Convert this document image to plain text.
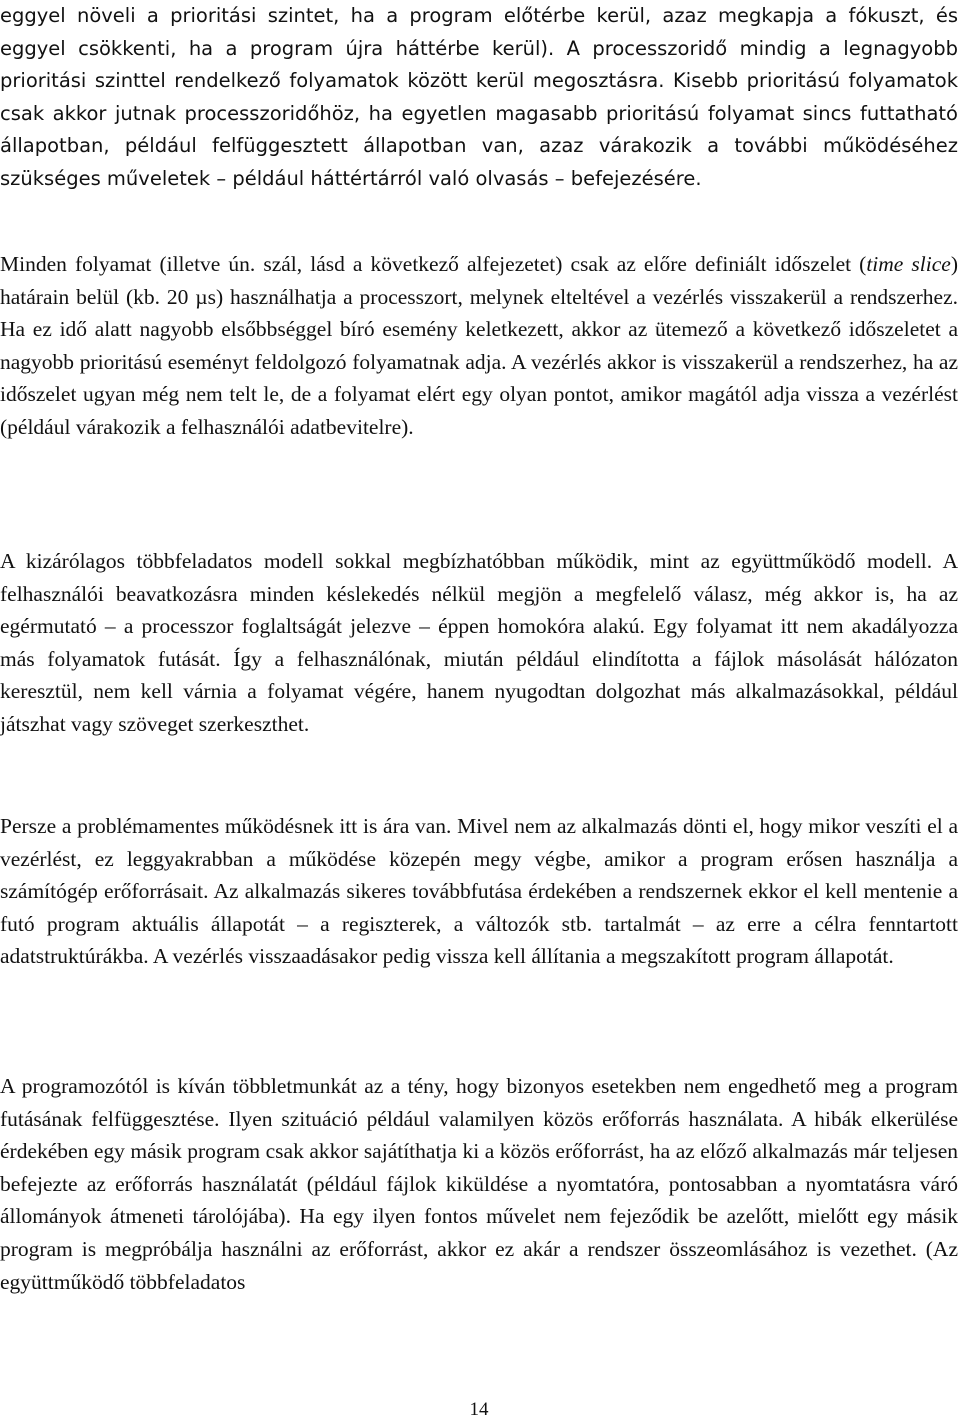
eggyel növeli a prioritási szintet, ha a program előtérbe kerül, azaz megkapja a fókuszt, és eggyel csökkenti, ha a program újra háttérbe kerül). A processzoridő mindig a legnagyobb prioritási szinttel rendelkező folyamatok között kerül megosztásra. Kisebb prioritású folyamatok csak akkor jutnak processzoridőhöz, ha egyetlen magasabb prioritású folyamat sincs futtatható állapotban, például felfüggesztett állapotban van, azaz várakozik a további működéséhez szükséges műveletek – például háttértárról való olvasás – befejezésére.

Minden folyamat (illetve ún. szál, lásd a következő alfejezetet) csak az előre definiált időszelet (time slice) határain belül (kb. 20 µs) használhatja a processzort, melynek elteltével a vezérlés visszakerül a rendszerhez. Ha ez idő alatt nagyobb elsőbbséggel bíró esemény keletkezett, akkor az ütemező a következő időszeletet a nagyobb prioritású eseményt feldolgozó folyamatnak adja. A vezérlés akkor is visszakerül a rendszerhez, ha az időszelet ugyan még nem telt le, de a folyamat elért egy olyan pontot, amikor magától adja vissza a vezérlést (például várakozik a felhasználói adatbevitelre).

A kizárólagos többfeladatos modell sokkal megbízhatóbban működik, mint az együttműködő modell. A felhasználói beavatkozásra minden késlekedés nélkül megjön a megfelelő válasz, még akkor is, ha az egérmutató – a processzor foglaltságát jelezve – éppen homokóra alakú. Egy folyamat itt nem akadályozza más folyamatok futását. Így a felhasználónak, miután például elindította a fájlok másolását hálózaton keresztül, nem kell várnia a folyamat végére, hanem nyugodtan dolgozhat más alkalmazásokkal, például játszhat vagy szöveget szerkeszthet.

Persze a problémamentes működésnek itt is ára van. Mivel nem az alkalmazás dönti el, hogy mikor veszíti el a vezérlést, ez leggyakrabban a működése közepén megy végbe, amikor a program erősen használja a számítógép erőforrásait. Az alkalmazás sikeres továbbfutása érdekében a rendszernek ekkor el kell mentenie a futó program aktuális állapotát – a regiszterek, a változók stb. tartalmát – az erre a célra fenntartott adatstruktúrákba. A vezérlés visszaadásakor pedig vissza kell állítania a megszakított program állapotát.

A programozótól is kíván többletmunkát az a tény, hogy bizonyos esetekben nem engedhető meg a program futásának felfüggesztése. Ilyen szituáció például valamilyen közös erőforrás használata. A hibák elkerülése érdekében egy másik program csak akkor sajátíthatja ki a közös erőforrást, ha az előző alkalmazás már teljesen befejezte az erőforrás használatát (például fájlok kiküldése a nyomtatóra, pontosabban a nyomtatásra váró állományok átmeneti tárolójába). Ha egy ilyen fontos művelet nem fejeződik be azelőtt, mielőtt egy másik program is megpróbálja használni az erőforrást, akkor ez akár a rendszer összeomlásához is vezethet. (Az együttműködő többfeladatos

14
